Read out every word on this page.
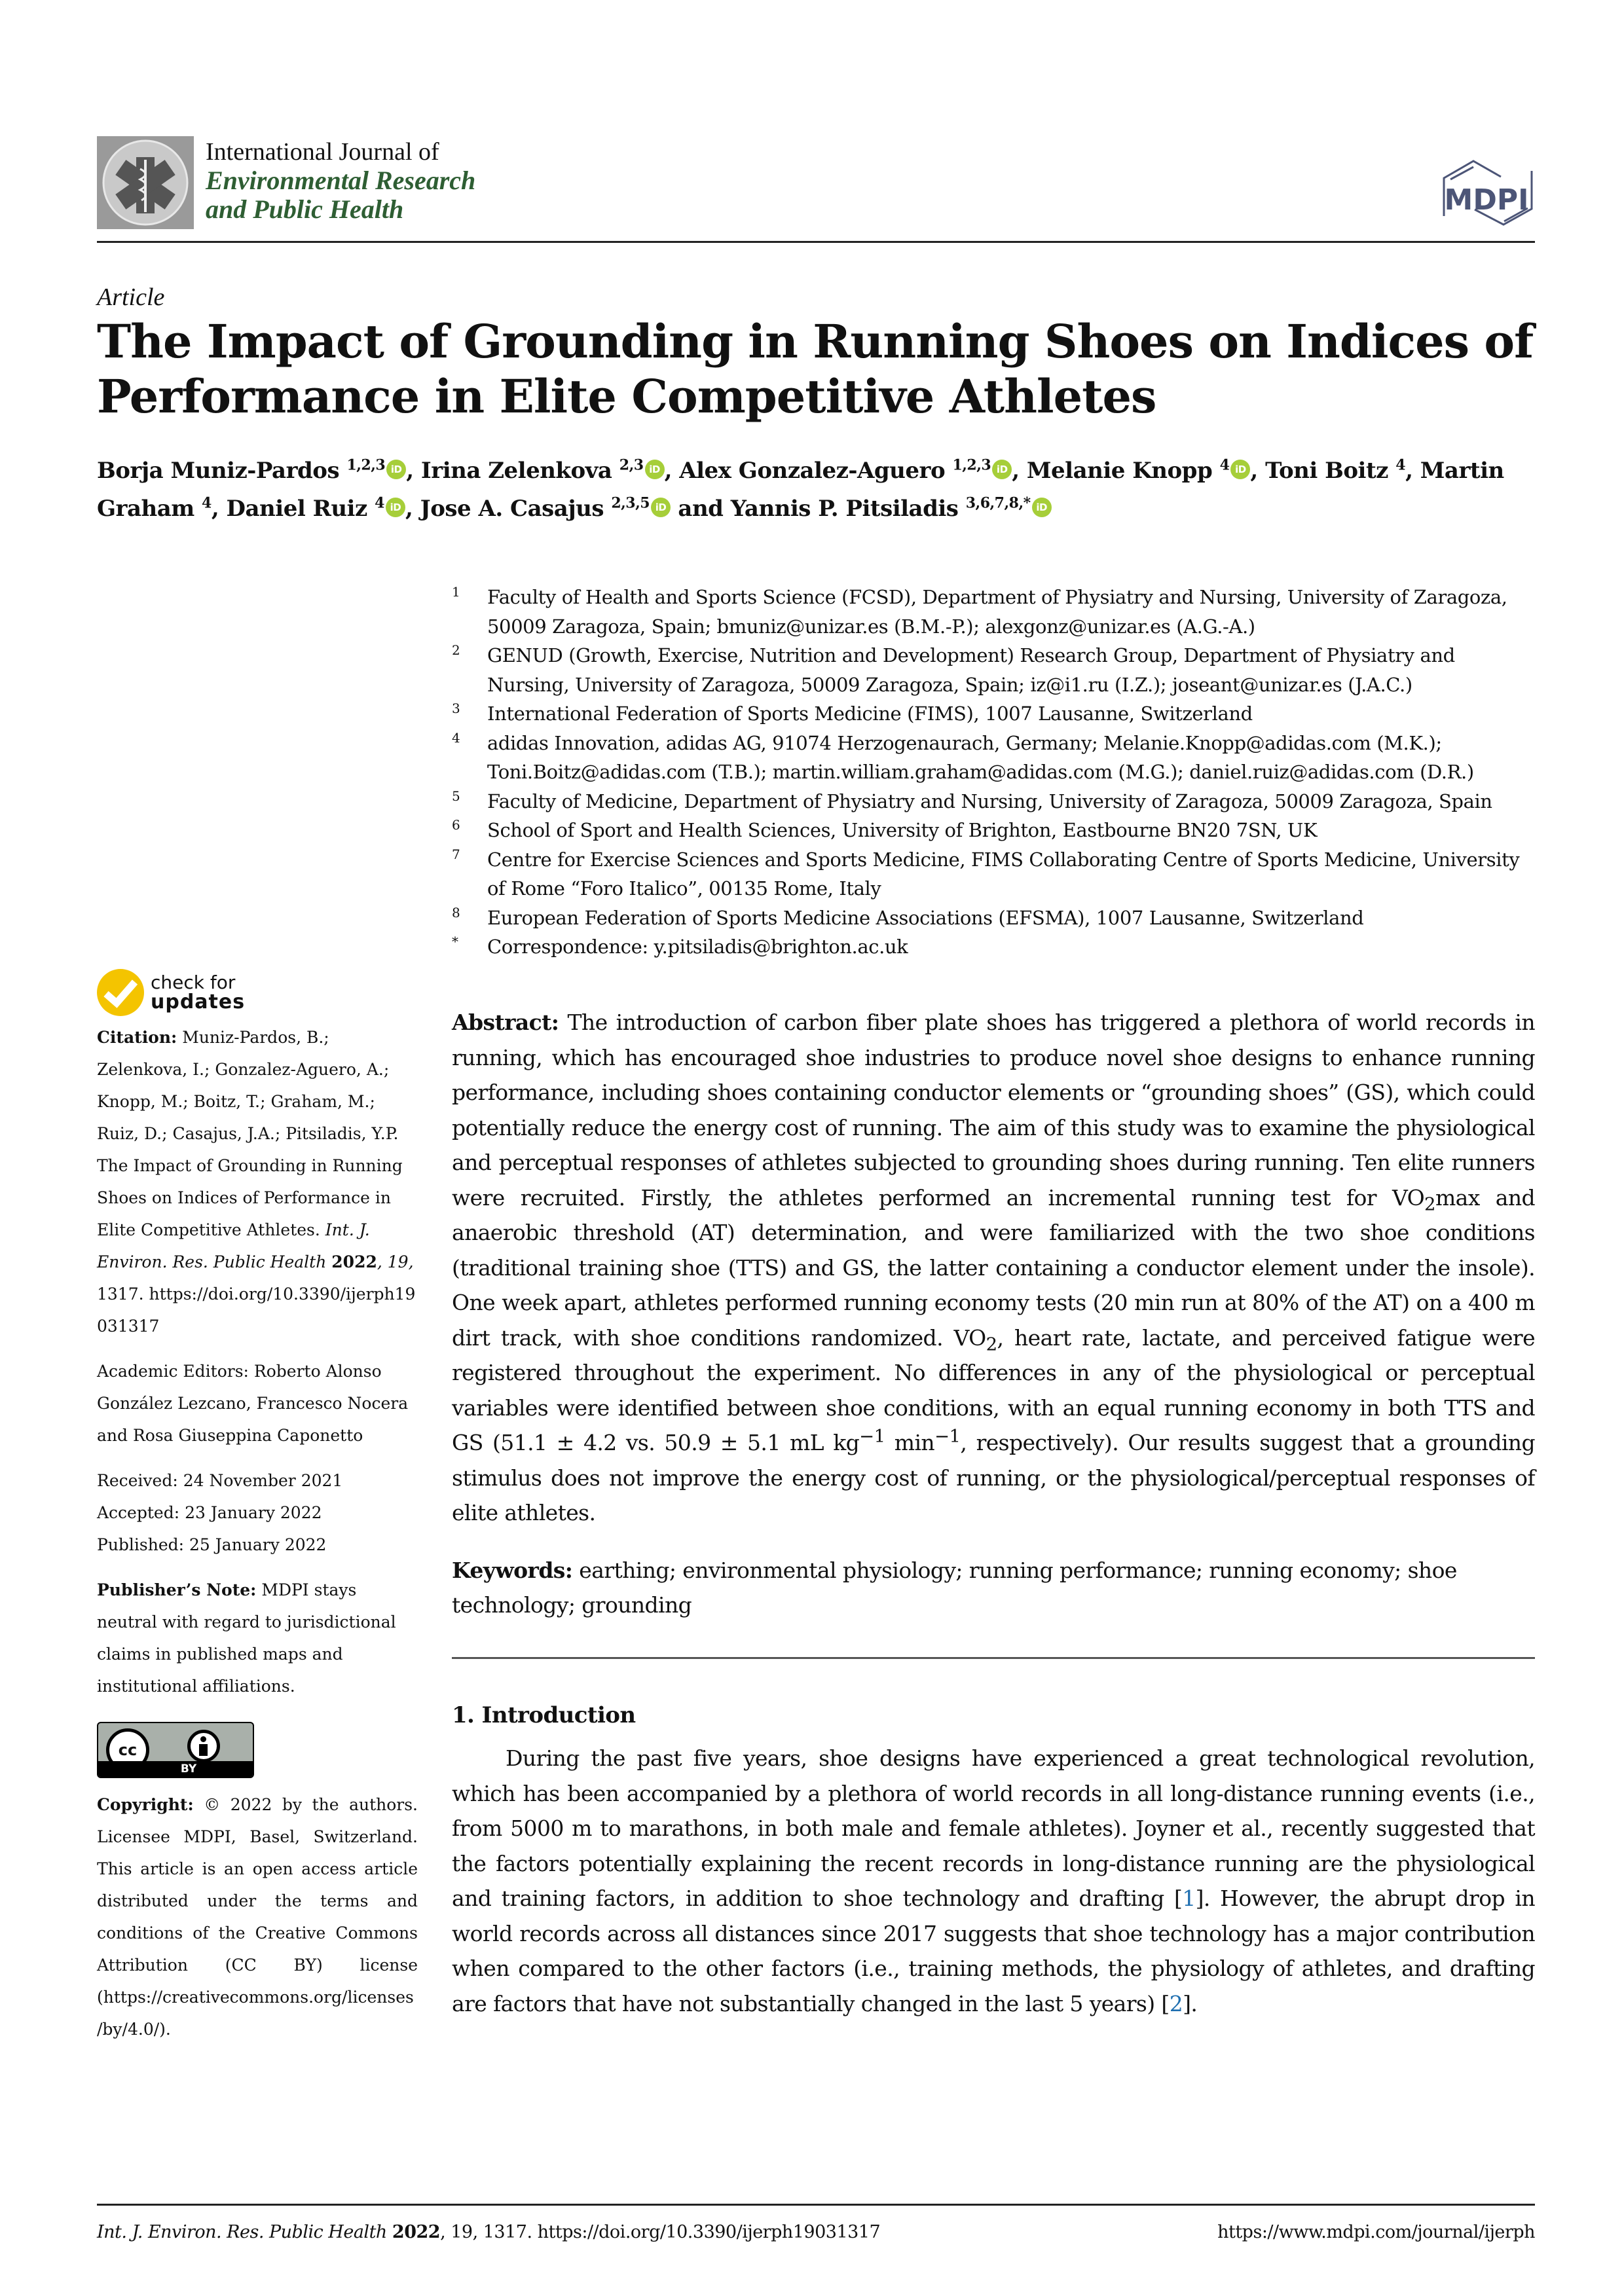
International Journal of
Environmental Research
and Public Health	MDPI
Article
The Impact of Grounding in Running Shoes on Indices of Performance in Elite Competitive Athletes
Borja Muniz-Pardos $^{1,2,3}$ iD , Irina Zelenkova $^{2,3}$ iD , Alex Gonzalez-Aguero $^{1,2,3}$ iD , Melanie Knopp $^4$ iD , Toni Boitz $^4$, Martin Graham $^4$, Daniel Ruiz $^4$ iD , Jose A. Casajus $^{2,3,5}$ iD and Yannis P. Pitsiladis $^{3,6,7,8,*}$ iD
1 Faculty of Health and Sports Science (FCSD), Department of Physiatry and Nursing, University of Zaragoza, 50009 Zaragoza, Spain; bmuniz@unizar.es (B.M.-P.); alexgonz@unizar.es (A.G.-A.)
2 GENUD (Growth, Exercise, Nutrition and Development) Research Group, Department of Physiatry and Nursing, University of Zaragoza, 50009 Zaragoza, Spain; iz@i1.ru (I.Z.); joseant@unizar.es (J.A.C.)
3 International Federation of Sports Medicine (FIMS), 1007 Lausanne, Switzerland
4 adidas Innovation, adidas AG, 91074 Herzogenaurach, Germany; Melanie.Knopp@adidas.com (M.K.); Toni.Boitz@adidas.com (T.B.); martin.william.graham@adidas.com (M.G.); daniel.ruiz@adidas.com (D.R.)
5 Faculty of Medicine, Department of Physiatry and Nursing, University of Zaragoza, 50009 Zaragoza, Spain
6 School of Sport and Health Sciences, University of Brighton, Eastbourne BN20 7SN, UK
7 Centre for Exercise Sciences and Sports Medicine, FIMS Collaborating Centre of Sports Medicine, University of Rome “Foro Italico”, 00135 Rome, Italy
8 European Federation of Sports Medicine Associations (EFSMA), 1007 Lausanne, Switzerland
* Correspondence: y.pitsiladis@brighton.ac.uk
check for
updates
Citation: Muniz-Pardos, B.; Zelenkova, I.; Gonzalez-Aguero, A.; Knopp, M.; Boitz, T.; Graham, M.; Ruiz, D.; Casajus, J.A.; Pitsiladis, Y.P. The Impact of Grounding in Running Shoes on Indices of Performance in Elite Competitive Athletes. Int. J. Environ. Res. Public Health 2022, 19, 1317. https://doi.org/10.3390/ijerph19031317
Academic Editors: Roberto Alonso González Lezcano, Francesco Nocera and Rosa Giuseppina Caponetto
Received: 24 November 2021
Accepted: 23 January 2022
Published: 25 January 2022
Publisher’s Note: MDPI stays neutral with regard to jurisdictional claims in published maps and institutional affiliations.
cc
BY
Copyright: © 2022 by the authors. Licensee MDPI, Basel, Switzerland. This article is an open access article distributed under the terms and conditions of the Creative Commons Attribution (CC BY) license (https://creativecommons.org/licenses/by/4.0/).

Abstract: The introduction of carbon fiber plate shoes has triggered a plethora of world records in running, which has encouraged shoe industries to produce novel shoe designs to enhance running performance, including shoes containing conductor elements or “grounding shoes” (GS), which could potentially reduce the energy cost of running. The aim of this study was to examine the physiological and perceptual responses of athletes subjected to grounding shoes during running. Ten elite runners were recruited. Firstly, the athletes performed an incremental running test for $VO_2\max$ and anaerobic threshold (AT) determination, and were familiarized with the two shoe conditions (traditional training shoe (TTS) and GS, the latter containing a conductor element under the insole). One week apart, athletes performed running economy tests (20 min run at 80% of the AT) on a 400 m dirt track, with shoe conditions randomized. $VO_2$, heart rate, lactate, and perceived fatigue were registered throughout the experiment. No differences in any of the physiological or perceptual variables were identified between shoe conditions, with an equal running economy in both TTS and GS (51.1 ± 4.2 vs. 50.9 ± 5.1 mL $kg^{-1}$ $\min^{-1}$, respectively). Our results suggest that a grounding stimulus does not improve the energy cost of running, or the physiological/perceptual responses of elite athletes.

Keywords: earthing; environmental physiology; running performance; running economy; shoe technology; grounding

1. Introduction

During the past five years, shoe designs have experienced a great technological revolution, which has been accompanied by a plethora of world records in all long-distance running events (i.e., from 5000 m to marathons, in both male and female athletes). Joyner et al., recently suggested that the factors potentially explaining the recent records in long-distance running are the physiological and training factors, in addition to shoe technology and drafting [1]. However, the abrupt drop in world records across all distances since 2017 suggests that shoe technology has a major contribution when compared to the other factors (i.e., training methods, the physiology of athletes, and drafting are factors that have not substantially changed in the last 5 years) [2].

Int. J. Environ. Res. Public Health 2022, 19, 1317. https://doi.org/10.3390/ijerph19031317	https://www.mdpi.com/journal/ijerph
